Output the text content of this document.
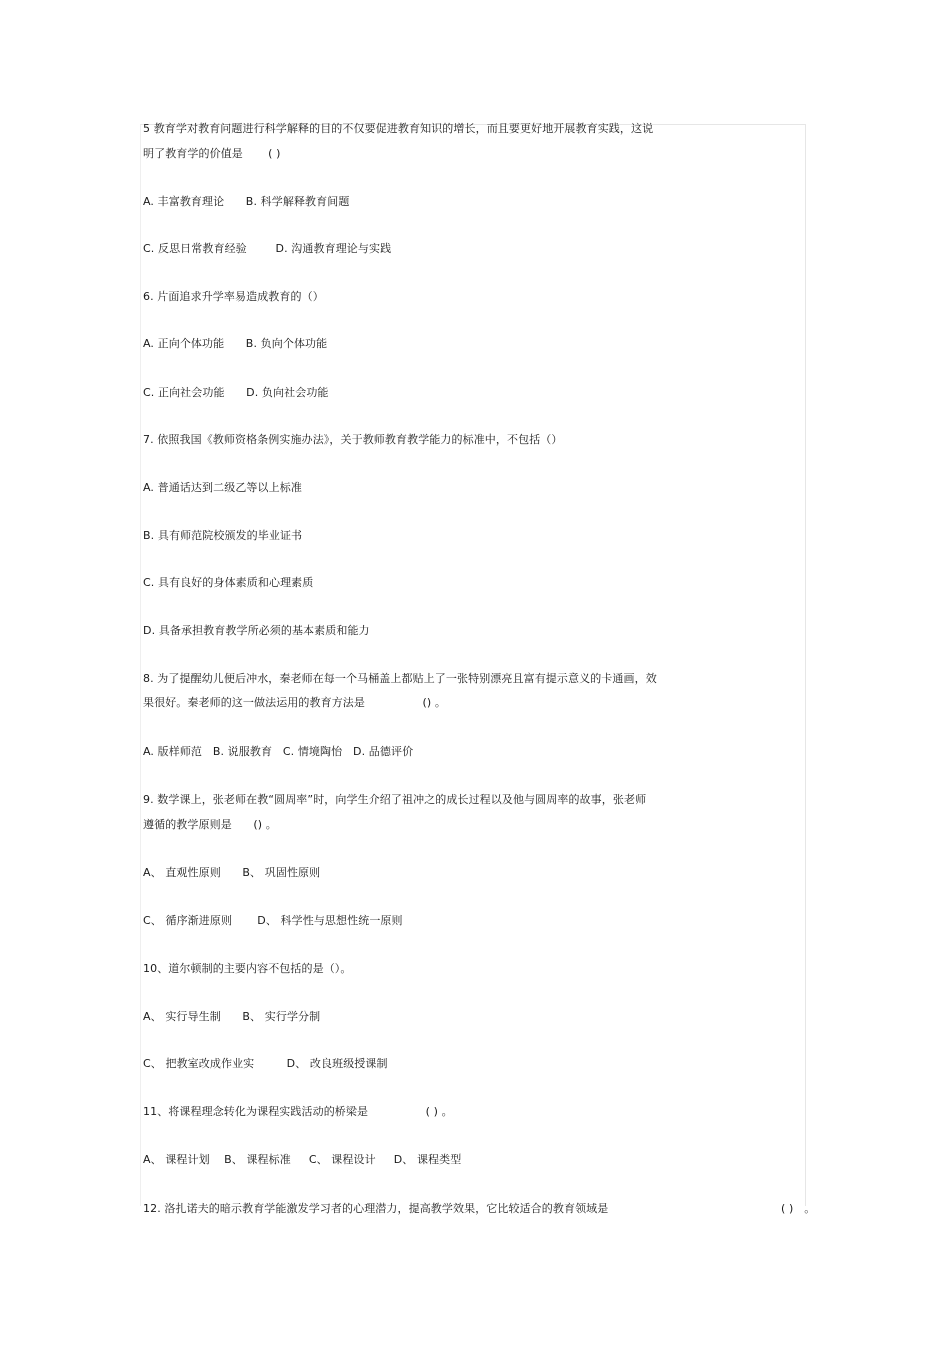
5 教育学对教育问题进行科学解释的目的不仅要促进教育知识的增长，而且要更好地开展教育实践，这说
明了教育学的价值是       ( )
A. 丰富教育理论      B. 科学解释教育间题
C. 反思日常教育经验        D. 沟通教育理论与实践
6. 片面追求升学率易造成教育的（）
A. 正向个体功能      B. 负向个体功能
C. 正向社会功能      D. 负向社会功能
7. 依照我国《教师资格条例实施办法》，关于教师教育教学能力的标准中，不包括（）
A. 普通话达到二级乙等以上标准
B. 具有师范院校颁发的毕业证书
C. 具有良好的身体素质和心理素质
D. 具备承担教育教学所必须的基本素质和能力
8. 为了提醒幼儿便后冲水，秦老师在每一个马桶盖上都贴上了一张特别漂亮且富有提示意义的卡通画，效
果很好。秦老师的这一做法运用的教育方法是                () 。
A. 版样师范   B. 说服教育   C. 情境陶怡   D. 品德评价
9. 数学课上，张老师在教“圆周率”时，向学生介绍了祖冲之的成长过程以及他与圆周率的故事，张老师
遵循的教学原则是      () 。
A、 直观性原则      B、 巩固性原则
C、 循序渐进原则       D、 科学性与思想性统一原则
10、道尔顿制的主要内容不包括的是（）。
A、 实行导生制      B、 实行学分制
C、 把教室改成作业实         D、 改良班级授课制
11、将课程理念转化为课程实践活动的桥梁是                ( ) 。
A、 课程计划    B、 课程标准     C、 课程设计     D、 课程类型
12. 洛扎诺夫的暗示教育学能激发学习者的心理潜力，提高教学效果，它比较适合的教育领域是                                                ( )   。
